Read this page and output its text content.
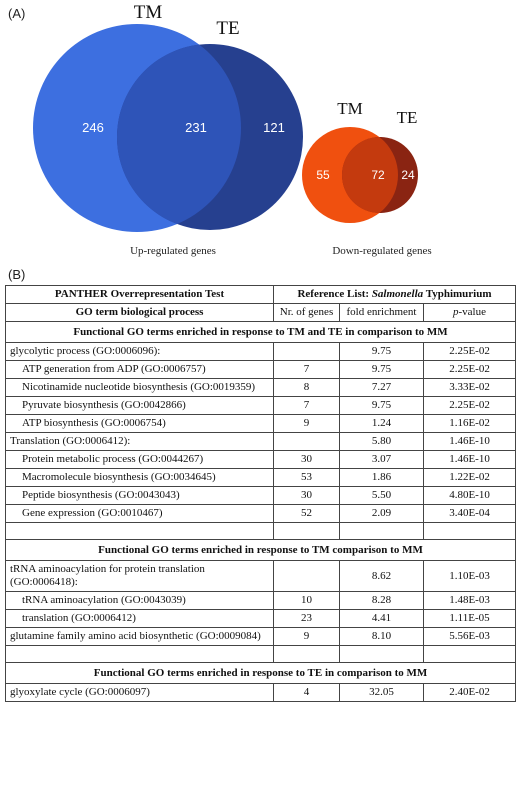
(A)
(B)
TM
TE
246	231	121
Up-regulated genes
TM TE
55	72 24
Down-regulated genes
PANTHER Overrepresentation Test	Reference List: Salmonella Typhimurium		
GO term biological process	Nr. of genes	fold enrichment	p-value
Functional GO terms enriched in response to TM and TE in comparison to MM			
glycolytic process (GO:0006096):		9.75	2.25E-02
ATP generation from ADP (GO:0006757)	7	9.75	2.25E-02
Nicotinamide nucleotide biosynthesis (GO:0019359)	8	7.27	3.33E-02
Pyruvate biosynthesis (GO:0042866)	7	9.75	2.25E-02
ATP biosynthesis (GO:0006754)	9	1.24	1.16E-02
Translation (GO:0006412):		5.80	1.46E-10
Protein metabolic process (GO:0044267)	30	3.07	1.46E-10
Macromolecule biosynthesis (GO:0034645)	53	1.86	1.22E-02
Peptide biosynthesis (GO:0043043)	30	5.50	4.80E-10
Gene expression (GO:0010467)	52	2.09	3.40E-04

Functional GO terms enriched in response to TM comparison to MM			
tRNA aminoacylation for protein translation (GO:0006418):		8.62	1.10E-03
tRNA aminoacylation (GO:0043039)	10	8.28	1.48E-03
translation (GO:0006412)	23	4.41	1.11E-05
glutamine family amino acid biosynthetic (GO:0009084)	9	8.10	5.56E-03

Functional GO terms enriched in response to TE in comparison to MM			
glyoxylate cycle (GO:0006097)	4	32.05	2.40E-02
